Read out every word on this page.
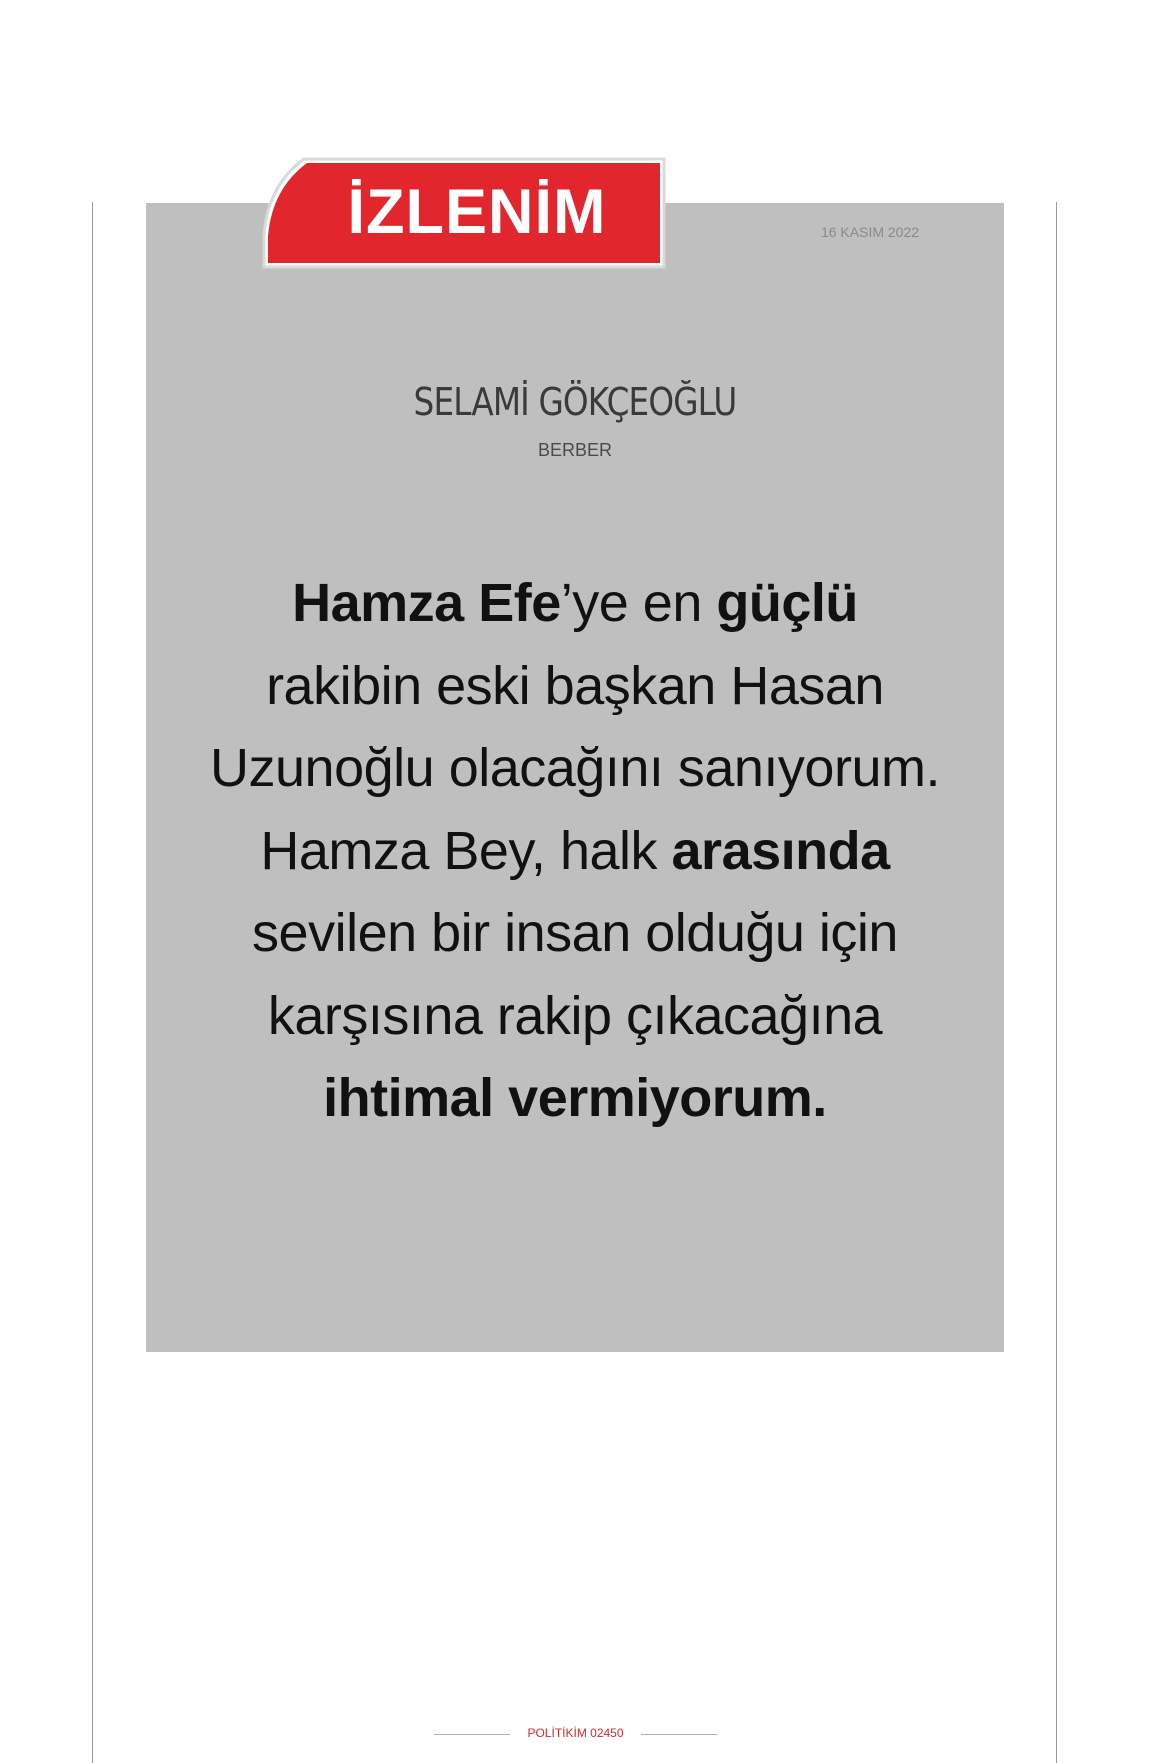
İZLENİM	16 KASIM 2022
SELAMİ GÖKÇEOĞLU
BERBER
Hamza Efe’ye en güçlü
rakibin eski başkan Hasan
Uzunoğlu olacağını sanıyorum.
Hamza Bey, halk arasında
sevilen bir insan olduğu için
karşısına rakip çıkacağına
ihtimal vermiyorum.
POLİTİKİM 02450
